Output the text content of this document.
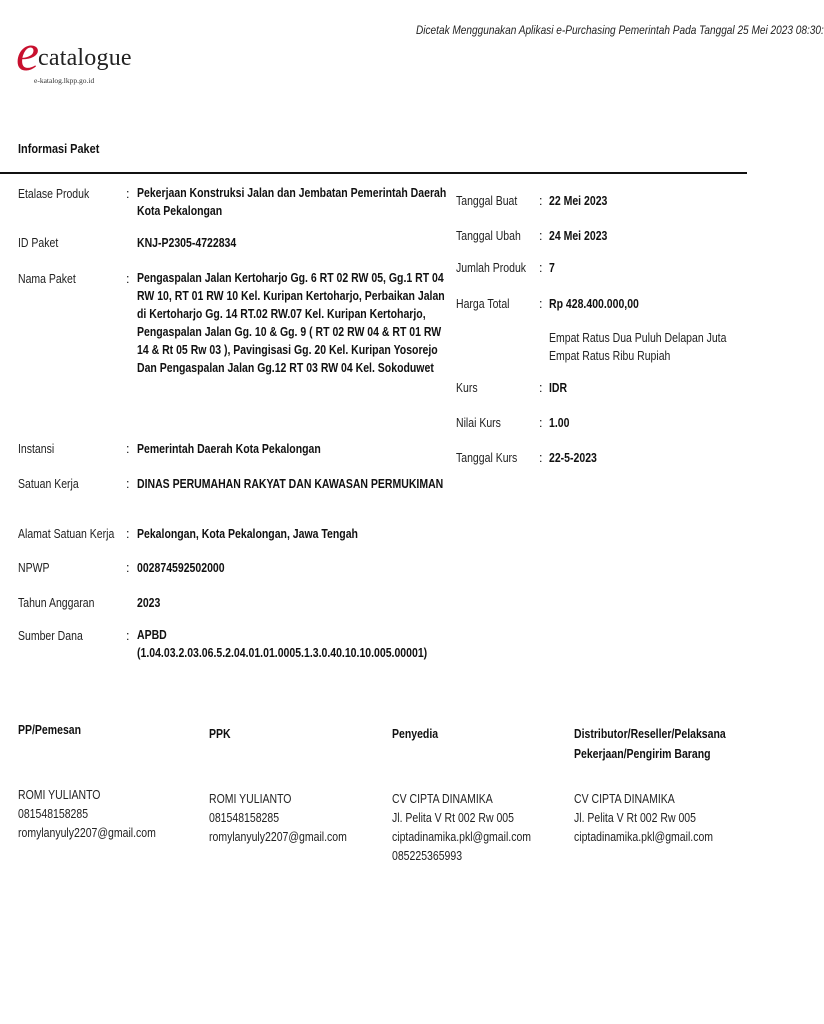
Dicetak Menggunakan Aplikasi e-Purchasing Pemerintah Pada Tanggal 25 Mei 2023 08:30:
e
catalogue
e-katalog.lkpp.go.id
Informasi Paket
Etalase Produk	: Pekerjaan Konstruksi Jalan dan Jembatan Pemerintah Daerah
Kota Pekalongan
ID Paket	KNJ-P2305-4722834
Nama Paket	: Pengaspalan Jalan Kertoharjo Gg. 6 RT 02 RW 05, Gg.1 RT 04
RW 10, RT 01 RW 10 Kel. Kuripan Kertoharjo, Perbaikan Jalan
di Kertoharjo Gg. 14 RT.02 RW.07 Kel. Kuripan Kertoharjo,
Pengaspalan Jalan Gg. 10 & Gg. 9 ( RT 02 RW 04 & RT 01 RW
14 & Rt 05 Rw 03 ), Pavingisasi Gg. 20 Kel. Kuripan Yosorejo
Dan Pengaspalan Jalan Gg.12 RT 03 RW 04 Kel. Sokoduwet
Instansi	: Pemerintah Daerah Kota Pekalongan
Satuan Kerja	: DINAS PERUMAHAN RAKYAT DAN KAWASAN PERMUKIMAN
Alamat Satuan Kerja : Pekalongan, Kota Pekalongan, Jawa Tengah
NPWP	: 002874592502000
Tahun Anggaran	2023
Sumber Dana	: APBD
(1.04.03.2.03.06.5.2.04.01.01.0005.1.3.0.40.10.10.005.00001)
Tanggal Buat : 22 Mei 2023
Tanggal Ubah : 24 Mei 2023
Jumlah Produk : 7
Harga Total : Rp 428.400.000,00
Empat Ratus Dua Puluh Delapan Juta
Empat Ratus Ribu Rupiah
Kurs	: IDR
Nilai Kurs	: 1.00
Tanggal Kurs : 22-5-2023
PP/Pemesan
ROMI YULIANTO
081548158285
romylanyuly2207@gmail.com
PPK
ROMI YULIANTO
081548158285
romylanyuly2207@gmail.com
Penyedia
CV CIPTA DINAMIKA
Jl. Pelita V Rt 002 Rw 005
ciptadinamika.pkl@gmail.com
085225365993
Distributor/Reseller/Pelaksana
Pekerjaan/Pengirim Barang
CV CIPTA DINAMIKA
Jl. Pelita V Rt 002 Rw 005
ciptadinamika.pkl@gmail.com
